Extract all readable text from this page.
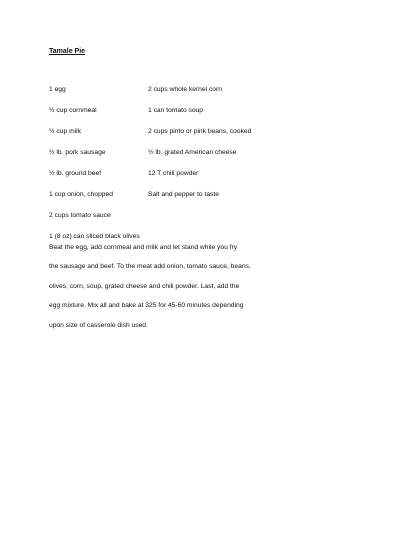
Tamale Pie
1 egg
½ cup cornmeal
½ cup milk
½ lb. pork sausage
½ lb. ground beef
1 cup onion, chopped
2 cups tomato sauce
1 (8 oz) can sliced black olives
2 cups whole kernel corn
1 can tomato soup
2 cups pinto or pink beans, cooked
½ lb. grated American cheese
12 T chili powder
Salt and pepper to taste
Beat the egg, add cornmeal and milk and let stand while you fry
the sausage and beef. To the meat add onion, tomato sauce, beans,
olives, corn, soup, grated cheese and chili powder. Last, add the
egg mixture. Mix all and bake at 325 for 45-60 minutes depending
upon size of casserole dish used.
